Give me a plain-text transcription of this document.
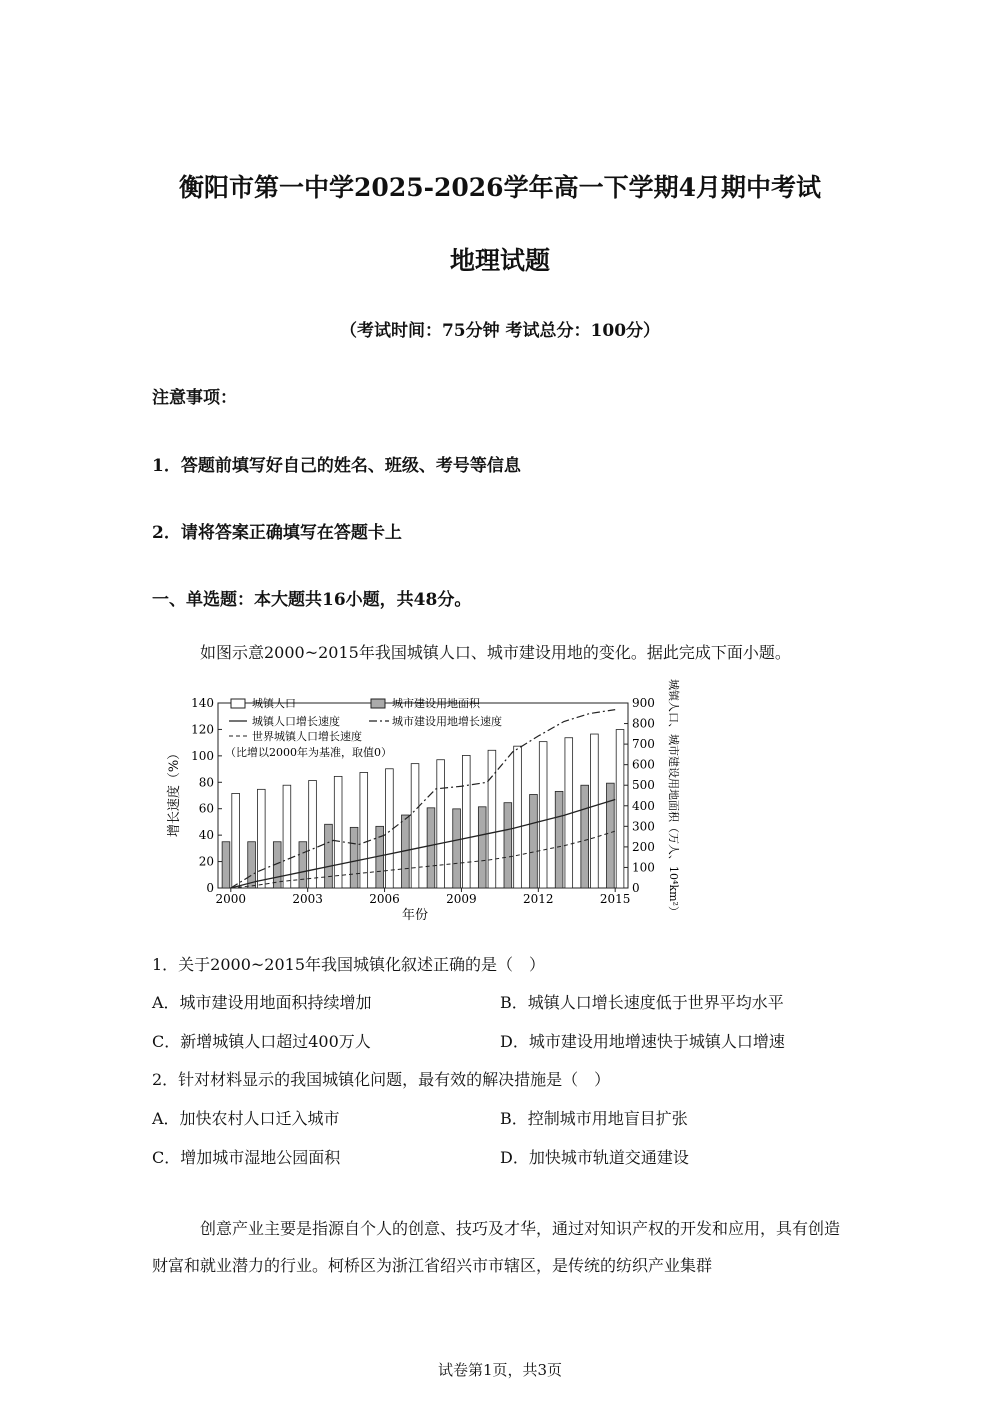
衡阳市第一中学2025-2026学年高一下学期4月期中考试
地理试题
（考试时间：75分钟 考试总分：100分）
注意事项：
1．答题前填写好自己的姓名、班级、考号等信息
2．请将答案正确填写在答题卡上
一、单选题：本大题共16小题，共48分。
如图示意2000~2015年我国城镇人口、城市建设用地的变化。据此完成下面小题。
0
20
40
60
80
100
120
140
0
100
200
300
400
500
600
700
800
900
2000	2003	2006	2009	2012	2015
城镇人口	城市建设用地面积
城镇人口增长速度	城市建设用地增长速度
世界城镇人口增长速度
（比增以2000年为基准，取值0）
年份
增长速度（%）	城镇人口、城市建设用地面积（万人、10⁴km²）
1．关于2000~2015年我国城镇化叙述正确的是（　）
A．城市建设用地面积持续增加	B．城镇人口增长速度低于世界平均水平
C．新增城镇人口超过400万人	D．城市建设用地增速快于城镇人口增速
2．针对材料显示的我国城镇化问题，最有效的解决措施是（　）
A．加快农村人口迁入城市	B．控制城市用地盲目扩张
C．增加城市湿地公园面积	D．加快城市轨道交通建设
创意产业主要是指源自个人的创意、技巧及才华，通过对知识产权的开发和应用，具有创造财富和就业潜力的行业。柯桥区为浙江省绍兴市市辖区，是传统的纺织产业集群
试卷第1页，共3页
